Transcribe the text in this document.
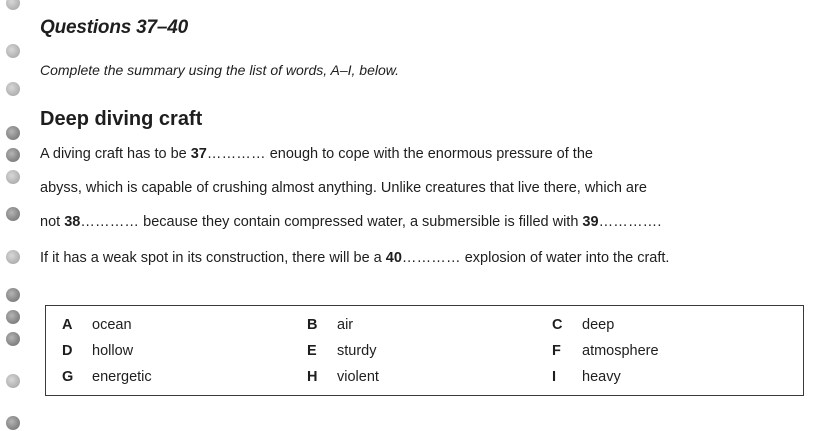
Questions 37–40

Complete the summary using the list of words, A–I, below.

Deep diving craft

A diving craft has to be 37………… enough to cope with the enormous pressure of the

abyss, which is capable of crushing almost anything. Unlike creatures that live there, which are

not 38………… because they contain compressed water, a submersible is filled with 39………….

If it has a weak spot in its construction, there will be a 40………… explosion of water into the craft.

A ocean	B air	C deep
D hollow	E sturdy	F atmosphere
G energetic	H violent	I heavy
